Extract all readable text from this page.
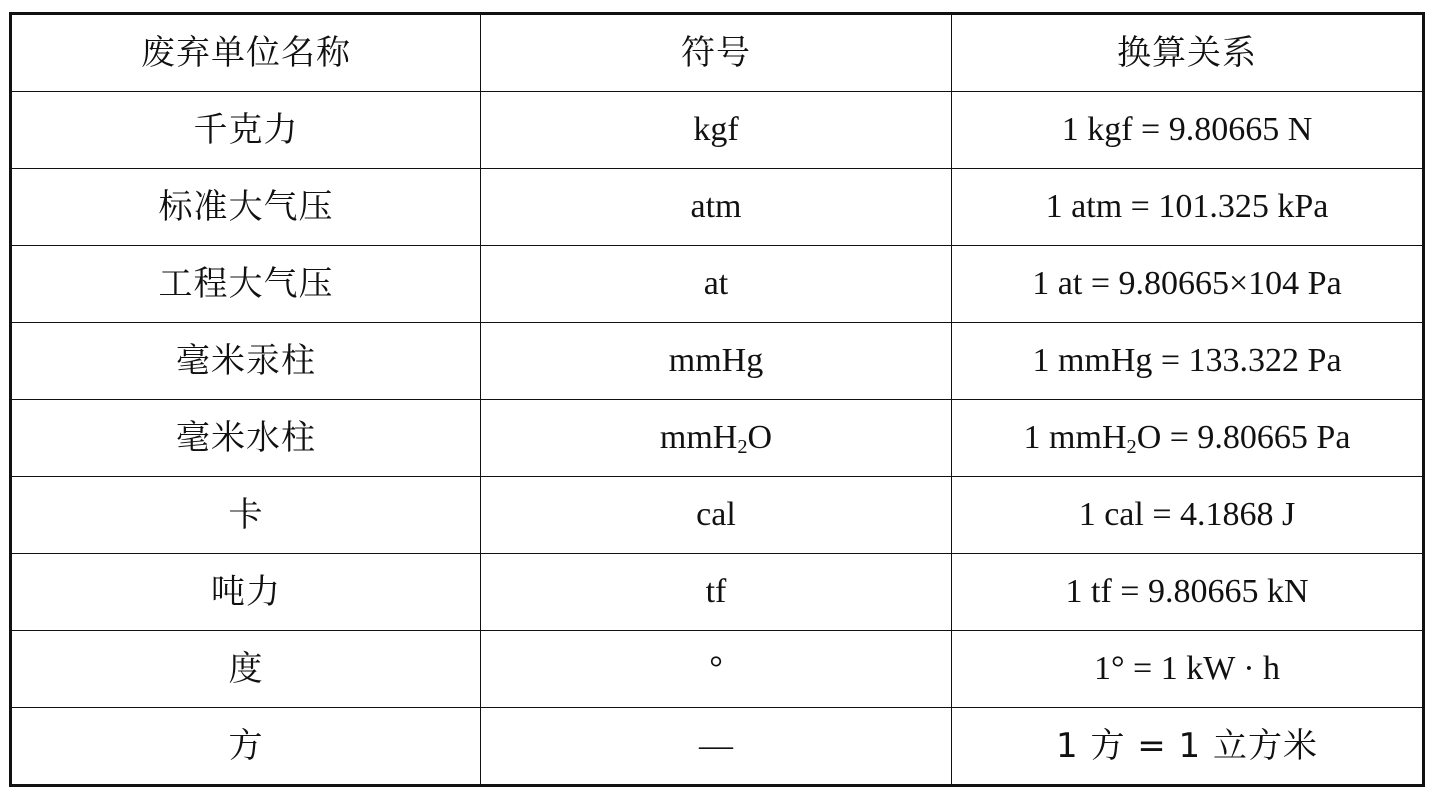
废弃单位名称	符号	换算关系
千克力	kgf	1 kgf = 9.80665 N
标准大气压	atm	1 atm = 101.325 kPa
工程大气压	at	1 at = 9.80665×104 Pa
毫米汞柱	mmHg	1 mmHg = 133.322 Pa
毫米水柱	mmH$_2$O	1 mmH$_2$O = 9.80665 Pa
卡	cal	1 cal = 4.1868 J
吨力	tf	1 tf = 9.80665 kN
度	°	1° = 1 kW · h
方	—	1 方 = 1 立方米
